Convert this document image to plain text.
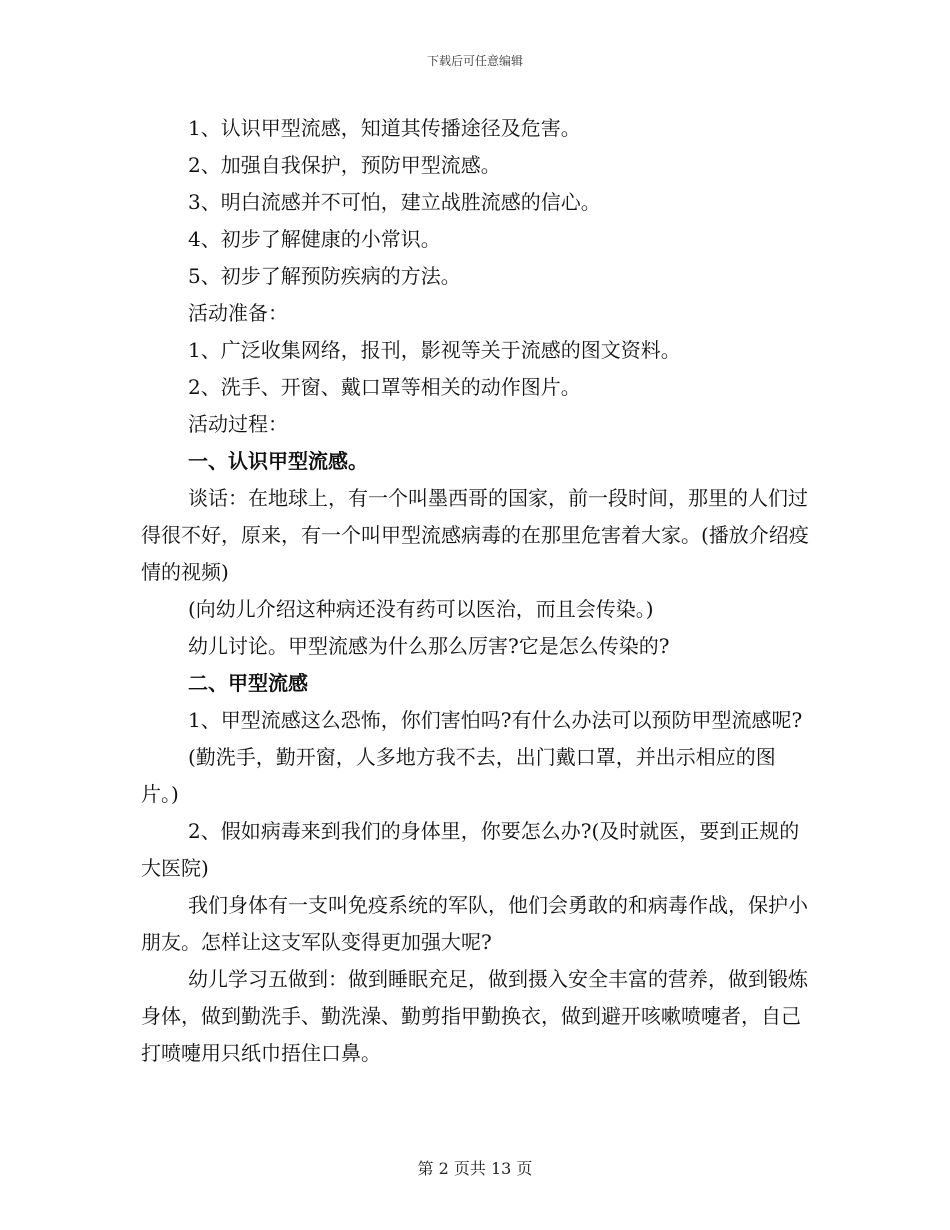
下载后可任意编辑

1、认识甲型流感，知道其传播途径及危害。

2、加强自我保护，预防甲型流感。

3、明白流感并不可怕，建立战胜流感的信心。

4、初步了解健康的小常识。

5、初步了解预防疾病的方法。

活动准备：

1、广泛收集网络，报刊，影视等关于流感的图文资料。

2、洗手、开窗、戴口罩等相关的动作图片。

活动过程：

一、认识甲型流感。

谈话：在地球上，有一个叫墨西哥的国家，前一段时间，那里的人们过得很不好，原来，有一个叫甲型流感病毒的在那里危害着大家。(播放介绍疫情的视频)

(向幼儿介绍这种病还没有药可以医治，而且会传染。)

幼儿讨论。甲型流感为什么那么厉害?它是怎么传染的?

二、甲型流感

1、甲型流感这么恐怖，你们害怕吗?有什么办法可以预防甲型流感呢?

(勤洗手，勤开窗，人多地方我不去，出门戴口罩，并出示相应的图片。)

2、假如病毒来到我们的身体里，你要怎么办?(及时就医，要到正规的大医院)

我们身体有一支叫免疫系统的军队，他们会勇敢的和病毒作战，保护小朋友。怎样让这支军队变得更加强大呢?

幼儿学习五做到：做到睡眠充足，做到摄入安全丰富的营养，做到锻炼身体，做到勤洗手、勤洗澡、勤剪指甲勤换衣，做到避开咳嗽喷嚏者，自己打喷嚏用只纸巾捂住口鼻。

第 2 页共 13 页
